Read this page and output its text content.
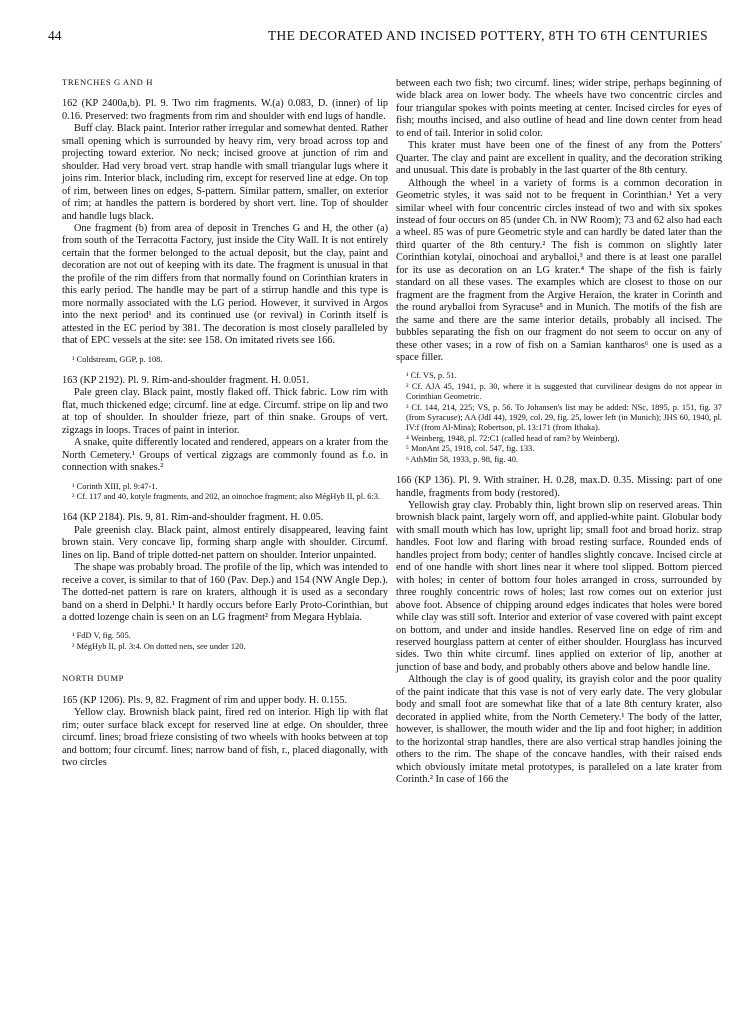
44	THE DECORATED AND INCISED POTTERY, 8TH TO 6TH CENTURIES
TRENCHES G AND H

162 (KP 2400a,b). Pl. 9. Two rim fragments. W.(a) 0.083, D. (inner) of lip 0.16. Preserved: two fragments from rim and shoulder with end lugs of handle.

Buff clay. Black paint. Interior rather irregular and somewhat dented. Rather small opening which is surrounded by heavy rim, very broad across top and projecting toward exterior. No neck; incised groove at junction of rim and shoulder. Had very broad vert. strap handle with small triangular lugs where it joins rim. Interior black, including rim, except for reserved line at edge. On top of rim, between lines on edges, S-pattern. Similar pattern, smaller, on exterior of rim; at handles the pattern is bordered by short vert. line. Top of shoulder and handle lugs black.

One fragment (b) from area of deposit in Trenches G and H, the other (a) from south of the Terracotta Factory, just inside the City Wall. It is not entirely certain that the former belonged to the actual deposit, but the clay, paint and decoration are not out of keeping with its date. The fragment is unusual in that the profile of the rim differs from that normally found on Corinthian kraters in this early period. The handle may be part of a stirrup handle and this type is more normally associated with the LG period. However, it survived in Argos into the next period¹ and its continued use (or revival) in Corinth itself is attested in the EC period by 381. The decoration is most closely paralleled by that of EPC vessels at the site: see 158. On imitated rivets see 166.

¹ Coldstream, GGP, p. 108.

163 (KP 2192). Pl. 9. Rim-and-shoulder fragment. H. 0.051.

Pale green clay. Black paint, mostly flaked off. Thick fabric. Low rim with flat, much thickened edge; circumf. line at edge. Circumf. stripe on lip and two at top of shoulder. In shoulder frieze, part of thin snake. Groups of vert. zigzags in loops. Traces of paint in interior.

A snake, quite differently located and rendered, appears on a krater from the North Cemetery.¹ Groups of vertical zigzags are commonly found as f.o. in connection with snakes.²

¹ Corinth XIII, pl. 9:47-1.
² Cf. 117 and 40, kotyle fragments, and 202, an oinochoe fragment; also MégHyb II, pl. 6:3.

164 (KP 2184). Pls. 9, 81. Rim-and-shoulder fragment. H. 0.05.

Pale greenish clay. Black paint, almost entirely disappeared, leaving faint brown stain. Very concave lip, forming sharp angle with shoulder. Circumf. lines on lip. Band of triple dotted-net pattern on shoulder. Interior unpainted.

The shape was probably broad. The profile of the lip, which was intended to receive a cover, is similar to that of 160 (Pav. Dep.) and 154 (NW Angle Dep.). The dotted-net pattern is rare on kraters, although it is used as a secondary band on a sherd in Delphi.¹ It hardly occurs before Early Proto-Corinthian, but a dotted lozenge chain is seen on an LG fragment² from Megara Hyblaia.

¹ FdD V, fig. 505.
² MégHyb II, pl. 3:4. On dotted nets, see under 120.
NORTH DUMP

165 (KP 1206). Pls. 9, 82. Fragment of rim and upper body. H. 0.155.

Yellow clay. Brownish black paint, fired red on interior. High lip with flat rim; outer surface black except for reserved line at edge. On shoulder, three circumf. lines; broad frieze consisting of two wheels with hooks between at top and bottom; four circumf. lines; narrow band of fish, r., placed diagonally, with two circles

between each two fish; two circumf. lines; wider stripe, perhaps beginning of wide black area on lower body. The wheels have two concentric circles and four triangular spokes with points meeting at center. Incised circles for eyes of fish; mouths incised, and also outline of head and line down center from head to end of tail. Interior in solid color.

This krater must have been one of the finest of any from the Potters' Quarter. The clay and paint are excellent in quality, and the decoration striking and unusual. This date is probably in the last quarter of the 8th century.

Although the wheel in a variety of forms is a common decoration in Geometric styles, it was said not to be frequent in Corinthian.¹ Yet a very similar wheel with four concentric circles instead of two and with six spokes instead of four occurs on 85 (under Ch. in NW Room); 73 and 62 also had each a wheel. 85 was of pure Geometric style and can hardly be dated later than the third quarter of the 8th century.² The fish is common on slightly later Corinthian kotylai, oinochoai and aryballoi,³ and there is at least one parallel for its use as decoration on an LG krater.⁴ The shape of the fish is fairly standard on all these vases. The examples which are closest to those on our fragment are the fragment from the Argive Heraion, the krater in Corinth and the round aryballoi from Syracuse⁵ and in Munich. The motifs of the fish are the same and there are the same interior details, probably all incised. The bubbles separating the fish on our fragment do not seem to occur on any of these other vases; in a row of fish on a Samian kantharos⁶ one is used as a space filler.

¹ Cf. VS, p. 51.
² Cf. AJA 45, 1941, p. 30, where it is suggested that curvilinear designs do not appear in Corinthian Geometric.
³ Cf. 144, 214, 225; VS, p. 56. To Johansen's list may be added: NSc, 1895, p. 151, fig. 37 (from Syracuse); AA (JdI 44), 1929, col. 29, fig. 25, lower left (in Munich); JHS 60, 1940, pl. IV:f (from Al-Mina); Robertson, pl. 13:171 (from Ithaka).
⁴ Weinberg, 1948, pl. 72:C1 (called head of ram? by Weinberg).
⁵ MonAnt 25, 1918, col. 547, fig. 133.
⁶ AthMitt 58, 1933, p. 98, fig. 40.

166 (KP 136). Pl. 9. With strainer. H. 0.28, max.D. 0.35. Missing: part of one handle, fragments from body (restored).

Yellowish gray clay. Probably thin, light brown slip on reserved areas. Thin brownish black paint, largely worn off, and applied-white paint. Globular body with small mouth which has low, upright lip; small foot and broad horiz. strap handles. Foot low and flaring with broad resting surface. Rounded ends of handles project from body; center of handles slightly concave. Incised circle at end of one handle with short lines near it where tool slipped. Bottom pierced with holes; in center of bottom four holes arranged in cross, surrounded by three roughly concentric rows of holes; last row comes out on exterior just above foot. Absence of chipping around edges indicates that holes were bored while clay was still soft. Interior and exterior of vase covered with paint except on bottom, and under and inside handles. Reserved line on edge of rim and reserved hourglass pattern at center of either shoulder. Hourglass has incurved sides. Two thin white circumf. lines applied on exterior of lip, another at junction of base and body, and probably others above and below handle line.

Although the clay is of good quality, its grayish color and the poor quality of the paint indicate that this vase is not of very early date. The very globular body and small foot are somewhat like that of a late 8th century krater, also decorated in applied white, from the North Cemetery.¹ The body of the latter, however, is shallower, the mouth wider and the lip and foot higher; in addition to the horizontal strap handles, there are also vertical strap handles joining the others to the rim. The shape of the concave handles, with their raised ends which obviously imitate metal prototypes, is paralleled on a late krater from Corinth.² In case of 166 the
